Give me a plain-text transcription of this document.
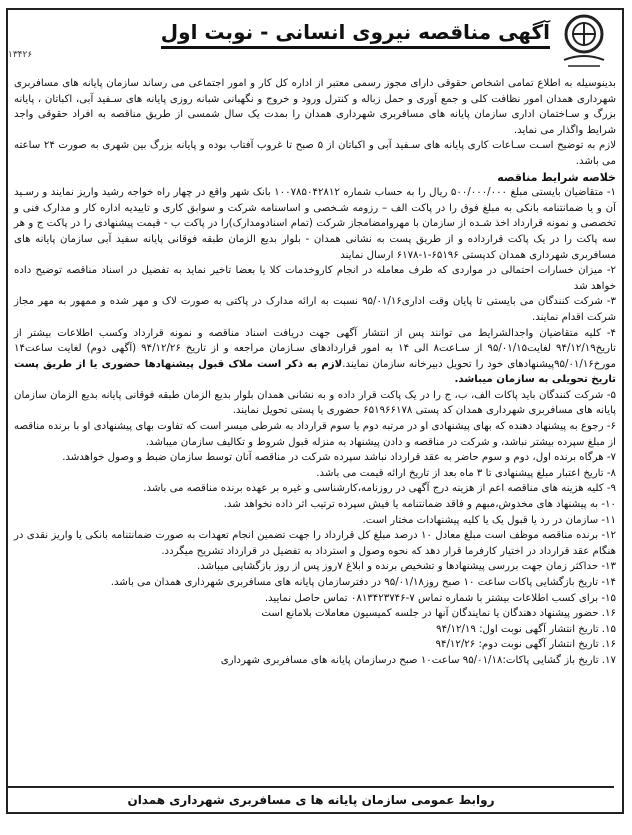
آگهی مناقصه نیروی انسانی - نوبت اول
۱۳۴۲۶

بدینوسیله به اطلاع تمامی اشخاص حقوقی دارای مجوز رسمی معتبر از اداره کل کار و امور اجتماعی می رساند سازمان پایانه های مسافربری شهرداری همدان امور نظافت کلی و جمع آوری و حمل زباله و کنترل ورود و خروج و نگهبانی شبانه روزی پایانه های سـفید آبی، اکباتان ، پایانه بزرگ و سـاختمان اداری سازمان پایانه های مسافربری شهرداری همدان را بمدت یک سال شمسی از طریق مناقصه به افراد حقوقی واجد شرایط واگذار می نماید.

لازم به توضیح اسـت سـاعات کاری پایانه های سـفید آبی و اکباتان از ۵ صبح تا غروب آفتاب بوده و پایانه بزرگ بین شهری به صورت ۲۴ ساعته می باشد.

خلاصه شرایط مناقصه

۱- متقاضیان بایستی مبلغ ۵۰۰/۰۰۰/۰۰۰ ریال را به حساب شماره ۱۰۰۷۸۵۰۴۲۸۱۲ بانک شهر واقع در چهار راه خواجه رشید واریز نمایند و رسـید آن و یا ضمانتنامه بانکی به مبلغ فوق را در پاکت الف – رزومه شـخصی و اساسنامه شرکت و سوابق کاری و تاییدیه اداره کار و مدارک فنی و تخصصی و نمونه قرارداد اخذ شـده از سازمان با مهروامضامجاز شرکت (تمام اسنادومدارک)را در پاکت ب - قیمت پیشنهادی را در پاکت ج و هر سه پاکت را در یک پاکت قرارداده و از طریق پست به نشانی همدان - بلوار بدیع الزمان طبقه فوقانی پایانه سفید آبی سازمان پایانه های مسافربری شهرداری همدان کدپستی ۶۵۱۹۶-۱-۶۱۷۸ ارسال نمایند

۲- میزان خسارات احتمالی در مواردی که طرف معامله در انجام کاروخدمات کلا یا بعضا تاخیر نماید به تفضیل در اسناد مناقصه توضیح داده خواهد شد

۳- شرکت کنندگان می بایستی تا پایان وقت اداری۹۵/۰۱/۱۶ نسبت به ارائه مدارک در پاکتی به صورت لاک و مهر شده و ممهور به مهر مجاز شرکت اقدام نمایند.

۴- کلیه متقاضیان واجدالشرایط می توانند پس از انتشار آگهی جهت دریافت اسناد مناقصه و نمونه قرارداد وکسب اطلاعات بیشتر از تاریخ۹۴/۱۲/۱۹ لغایت۹۵/۰۱/۱۵ از سـاعت۸ الی ۱۴ به امور قراردادهای سـازمان مراجعه و از تاریخ ۹۴/۱۲/۲۶ (آگهی دوم) لغایت ساعت۱۴ مورخ۹۵/۰۱/۱۶پیشنهادهای خود را تحویل دبیرخانه سازمان نمایند.لازم به ذکر است ملاک قبول پیشنهادها حضوری یا از طریق پست تاریخ تحویلی به سازمان میباشد.

۵- شرکت کنندگان باید پاکات الف، ب، ج را در یک پاکت قرار داده و به نشانی همدان بلوار بدیع الزمان طبقه فوقانی پایانه بدیع الزمان سازمان پایانه های مسافربری شهرداری همدان کد پستی ۶۵۱۹۶۶۱۷۸ حضوری یا پستی تحویل نمایند.

۶- رجوع به پیشنهاد دهنده که بهای پیشنهادی او در مرتبه دوم یا سوم قرارداد به شرطی میسر است که تفاوت بهای پیشنهادی او با برنده مناقصه از مبلغ سپرده بیشتر نباشد، و شرکت در مناقصه و دادن پیشنهاد به منزله قبول شروط و تکالیف سازمان میباشد.

۷- هرگاه برنده اول، دوم و سوم حاضر به عقد قرارداد نباشد سپرده شرکت در مناقصه آنان توسط سازمان ضبط و وصول خواهدشد.

۸- تاریخ اعتبار مبلغ پیشنهادی تا ۳ ماه بعد از تاریخ ارائه قیمت می باشد.

۹- کلیه هزینه های مناقصه اعم از هزینه درج آگهی در روزنامه،کارشناسی و غیره بر عهده برنده مناقصه می باشد.

۱۰- به پیشنهاد های مخدوش،مبهم و فاقد ضمانتنامه یا فیش سپرده ترتیب اثر داده نخواهد شد.

۱۱- سازمان در رد یا قبول یک یا کلیه پیشنهادات مختار است.

۱۲- برنده مناقصه موظف است مبلغ معادل ۱۰ درصد مبلغ کل قرارداد را جهت تضمین انجام تعهدات به صورت ضمانتنامه بانکی یا واریز نقدی در هنگام عقد قرارداد در اختیار کارفرما قرار دهد که نحوه وصول و استرداد به تفضیل در قرارداد تشریح میگردد.

۱۳- حداکثر زمان جهت بررسی پیشنهادها و تشخیص برنده و ابلاغ ۷روز پس از روز بازگشایی میباشد.

۱۴- تاریخ بازگشایی پاکات ساعت ۱۰ صبح روز۹۵/۰۱/۱۸ در دفترسازمان پایانه های مسافربری شهرداری همدان می باشد.

۱۵- برای کسب اطلاعات بیشتر با شماره تماس ۷-۰۸۱۳۴۲۳۷۴۶ تماس حاصل نمایید.

۱۶. حضور پیشنهاد دهندگان یا نمایندگان آنها در جلسه کمیسیون معاملات بلامانع است

۱۵. تاریخ انتشار آگهی نوبت اول: ۹۴/۱۲/۱۹

۱۶. تاریخ انتشار آگهی نوبت دوم: ۹۴/۱۲/۲۶

۱۷. تاریخ باز گشایی پاکات:۹۵/۰۱/۱۸ ساعت۱۰ صبح درسازمان پایانه های مسافربری شهرداری

روابط عمومی سازمان پایانه ها ی مسافربری شهرداری همدان
